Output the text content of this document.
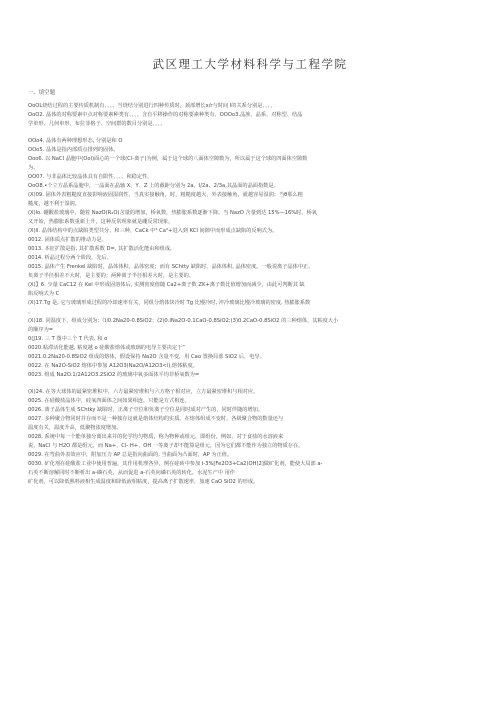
武区理工大学材料科学与工程学院
一、填空题
OoOL烧结过程的主要传质机制有、、、、当烧结分别进行四种传质时，颈部增长x/r与时间 I的关系分别是、、、、
OoO2. 晶体的对称要素中点对称要素种类有、、、、含有平移操作的对称要素种类有、OOOo3.晶族、晶系、对称型、结晶
学单形、几何单形、布拉菲格子、空间群的数目分别是、、、、
OOo4. 晶体有两种理想形态, 分别是和 O
OOo5. 晶体是指内部质点排列的固体。
Ooo6. 以 NaCI 晶胞中(Ool)面心的一个球(Cl-离子)为例，属于这个球的八面体空隙数为，所以属于这个球的四面体空隙数
为。
OO07. 与非晶体比较晶体具有自限性、、、、和稳定性。
OoO8.•个立方晶系晶胞中，一晶面在晶轴 X、Y、Z 上的截距分别为 2a、I/2a、2/3a,其晶面的晶面指数是。
(X)09. 固体外表粗糙度直接影响液固湿润性，当真实接触角，时，粗糙度越大，外表接触角，就越容易湿润；当θ那么粗
糙度，越不利于湿润。
(X)lo. 硼酸盐玻璃中，随着 NazO(R₂O)含量的增加，桥氧数，热膨胀系数逐渐下降。当 NazO 含量到达 15%—16%时，桥氧
又开始，热膨胀系数重新上升，这种反常现象就是硼反常现象。
(X)ll. 晶体结构中的点缺陷类型共分、和三种，CaCk 中¹ Ca²+进入到 KCI 间隙中而形成点缺陷的反响式为。
0012. 固体质点扩散的推动力是。
0013. 本征扩散是指, 其扩散系数 D=, 其扩散活化能由和组成。
0014. 析晶过程分两个阶段，先后。
0015. 晶体产生 Frenkel 缺陷时，晶体体积，晶体密度；而有 SChtty 缺陷时，晶体体积, 晶体密度。一般说离子晶体中正、
负离子半径相差不大时，是主要的；两种离子半径相差大时，是主要的。
(X)】6. 少量 CaC12 在 Kel 中形成固溶体后, 实测密度值随 Ca2+离子数 ZK+离子数比值增加而减少，由此可判断其 缺
陷反响式为 C
(X)17.Tg 是, 它与玻璃形成过程的冷却速率有关，同组分熔体快冷时 Tg 比慢冷时, 淬冷玻璃比慢冷玻璃的密度, 热膨胀系数
。
(X)18. 同温度下，组成分别为：⑴0.2Na20-0.8SiO2；(2)0.INa2O-0.1CaO-0.8SiO2;(3)0.2CaO-0.8SiO2 的三种熔体，其粘度大小
的顺序为=
0(J19. 三 T 图中三个 T 代表, 和 o
0020.粘滞活化能越, 粘度越 o 硅酸盐熔体或玻璃的电导主要决定于“
0021.0.2Na20-0.8SiO2 组成的熔体，假设保持 Na2O 含量不变，用 Cao 置换局部 SiO2 后，电导。
0022. 在 Na2O-SiO2 熔体中参加 A12O3(Na2O/A12O3<l),熔体粘度。
0023. 组成 Na2O.1/2A12O3.2SiO2 的玻璃中氧多面体平均非桥氧数为=
(X)24. 在等大球体的最紧密堆积中，六方最紧密堆积与六方格子相对应，立方最紧密堆积与相对应。
0025. 在硅酸盐晶体中，硅氧四面体之间如果相连，只能是方式相连。
0026. 离子晶体生成 SChtky 缺陷时，正离子空位和负离子空位是同时成对产生的，同时伴随的增加。
0027. 多种聚合物同时并存而不是一种独存这就是熔体结构的实质。在熔体组成不变时，各级聚合物的数量还与
温度有关，温度升高，低聚物浓度增加。
0028. 系统中每一个能单独分离出来并的化学均匀物质，称为物种或组元，即组份。例如，对于食盐的水溶液来
说，NaCl 与 H2O 都是组元，而 Na+、Cl- H+、OH 一等离子却不能算是组元，因为它们都不能作为独立的物质存在。
0029. 在弯曲外表效应中，附加压力 AP 总是指向曲面的, 当曲面为凸面时，AP 为正值。
0030. 矿化剂在硅酸盐工业中使用普遍，其作用机理各异，例在硅砖中参加 I-3%[Fe2O3+Ca2(OH)2]做矿化剂，能使大局部 a-
石英不断溶解同时不断析出 a-磷石英，从而促进 a-石英向磷石英的转化。水泥生产中 用作
矿化剂，可以降低熟料液相生成温度和降低液相粘度，提高离子扩散速率，加速 CaO SiO2 的形成。
